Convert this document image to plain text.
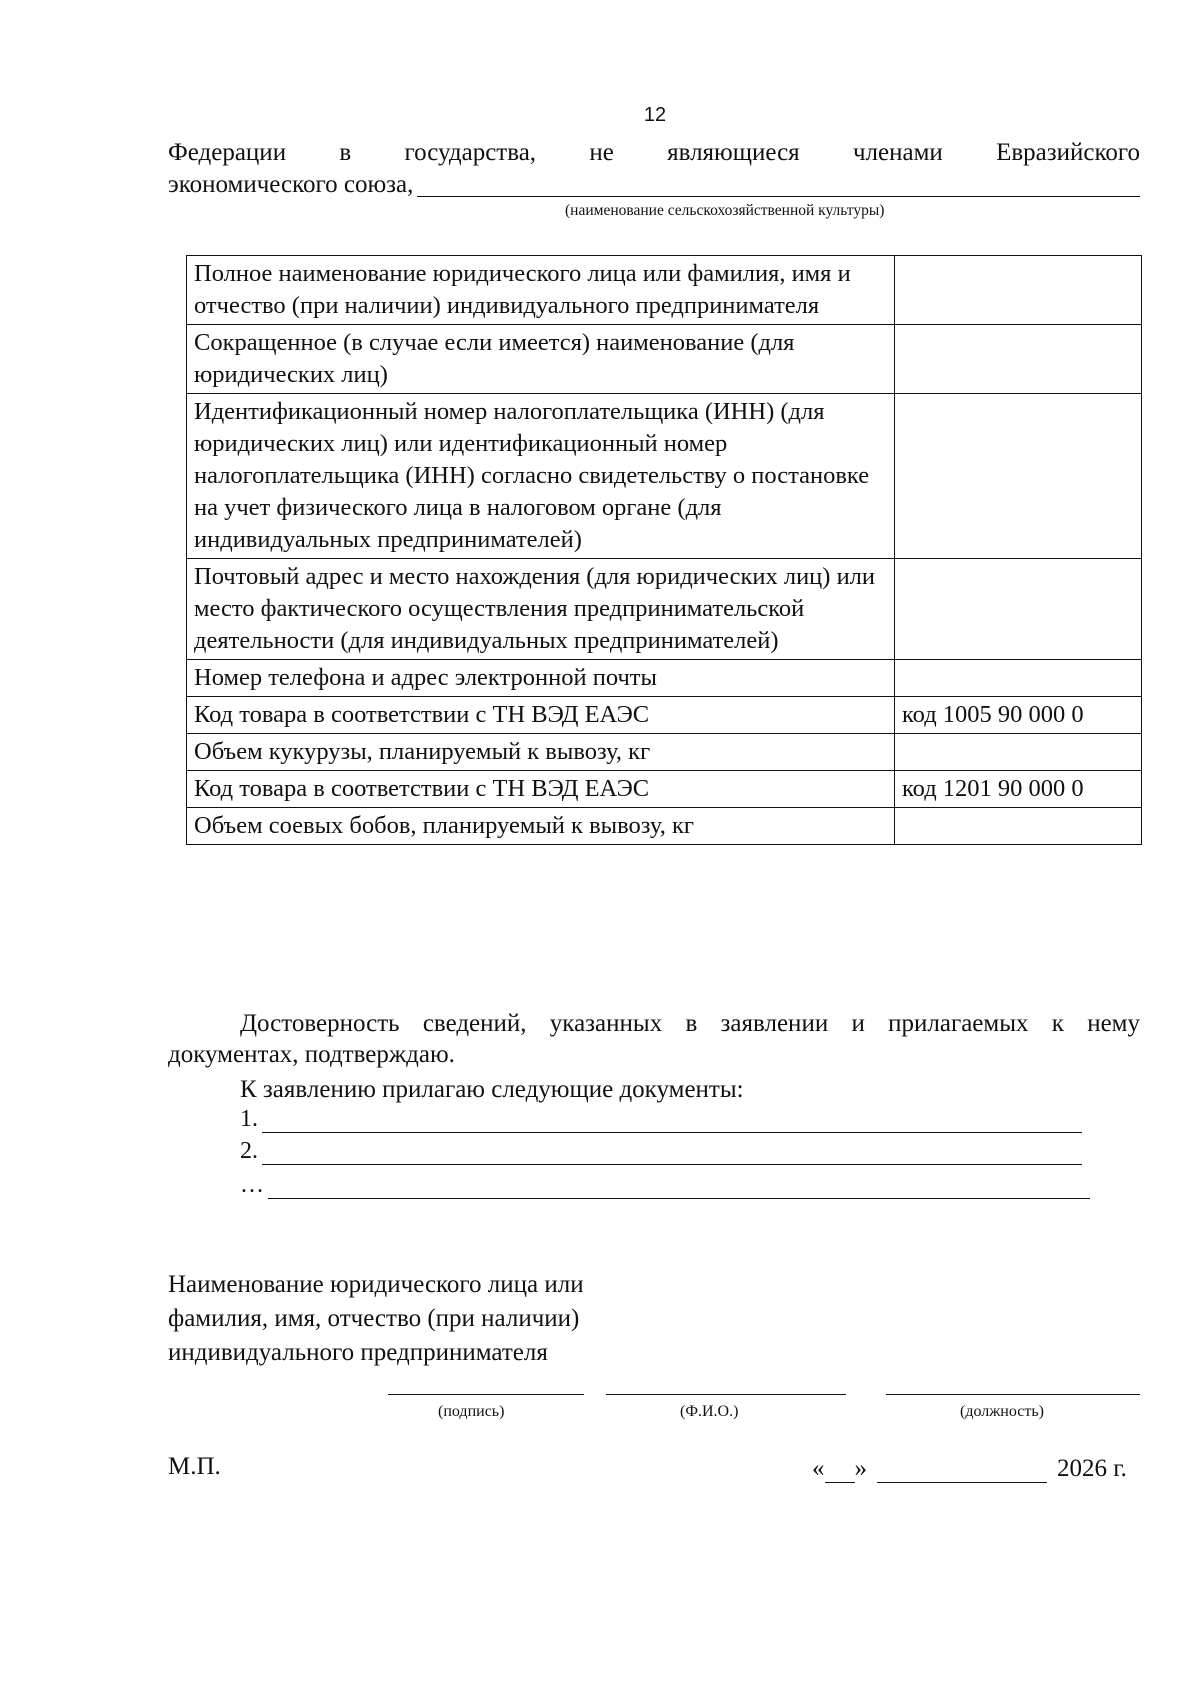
12
Федерации в государства, не являющиеся членами Евразийского
экономического союза,
(наименование сельскохозяйственной культуры)
Полное наименование юридического лица или фамилия, имя и отчество (при наличии) индивидуального предпринимателя	
Сокращенное (в случае если имеется) наименование (для юридических лиц)	
Идентификационный номер налогоплательщика (ИНН) (для юридических лиц) или идентификационный номер налогоплательщика (ИНН) согласно свидетельству о постановке на учет физического лица в налоговом органе (для индивидуальных предпринимателей)	
Почтовый адрес и место нахождения (для юридических лиц) или место фактического осуществления предпринимательской деятельности (для индивидуальных предпринимателей)	
Номер телефона и адрес электронной почты	
Код товара в соответствии с ТН ВЭД ЕАЭС	код 1005 90 000 0
Объем кукурузы, планируемый к вывозу, кг	
Код товара в соответствии с ТН ВЭД ЕАЭС	код 1201 90 000 0
Объем соевых бобов, планируемый к вывозу, кг	
Достоверность сведений, указанных в заявлении и прилагаемых к нему документах, подтверждаю.
К заявлению прилагаю следующие документы:
1.
2.
…
Наименование юридического лица или фамилия, имя, отчество (при наличии) индивидуального предпринимателя
(подпись)	(Ф.И.О.)	(должность)
М.П.	« »	2026 г.
